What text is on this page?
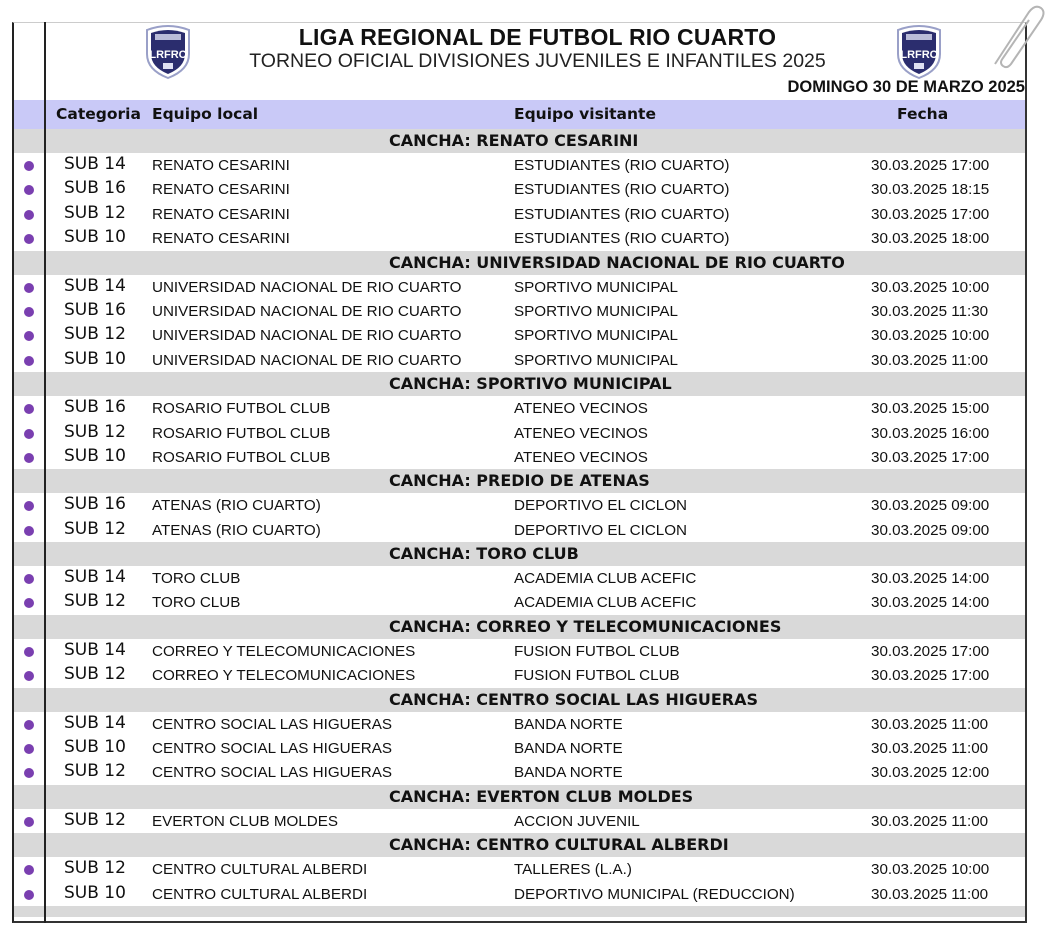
LRFRC
LIGA REGIONAL DE FUTBOL RIO CUARTO
TORNEO OFICIAL DIVISIONES JUVENILES E INFANTILES 2025	LRFRC
DOMINGO 30 DE MARZO 2025
Categoria Equipo local	Equipo visitante	Fecha
CANCHA: RENATO CESARINI
SUB 14 RENATO CESARINI	ESTUDIANTES (RIO CUARTO)	30.03.2025 17:00
SUB 16 RENATO CESARINI	ESTUDIANTES (RIO CUARTO)	30.03.2025 18:15
SUB 12 RENATO CESARINI	ESTUDIANTES (RIO CUARTO)	30.03.2025 17:00
SUB 10 RENATO CESARINI	ESTUDIANTES (RIO CUARTO)	30.03.2025 18:00
CANCHA: UNIVERSIDAD NACIONAL DE RIO CUARTO
SUB 14 UNIVERSIDAD NACIONAL DE RIO CUARTO	SPORTIVO MUNICIPAL	30.03.2025 10:00
SUB 16 UNIVERSIDAD NACIONAL DE RIO CUARTO	SPORTIVO MUNICIPAL	30.03.2025 11:30
SUB 12 UNIVERSIDAD NACIONAL DE RIO CUARTO	SPORTIVO MUNICIPAL	30.03.2025 10:00
SUB 10 UNIVERSIDAD NACIONAL DE RIO CUARTO	SPORTIVO MUNICIPAL	30.03.2025 11:00
CANCHA: SPORTIVO MUNICIPAL
SUB 16 ROSARIO FUTBOL CLUB	ATENEO VECINOS	30.03.2025 15:00
SUB 12 ROSARIO FUTBOL CLUB	ATENEO VECINOS	30.03.2025 16:00
SUB 10 ROSARIO FUTBOL CLUB	ATENEO VECINOS	30.03.2025 17:00
CANCHA: PREDIO DE ATENAS
SUB 16 ATENAS (RIO CUARTO)	DEPORTIVO EL CICLON	30.03.2025 09:00
SUB 12 ATENAS (RIO CUARTO)	DEPORTIVO EL CICLON	30.03.2025 09:00
CANCHA: TORO CLUB
SUB 14 TORO CLUB	ACADEMIA CLUB ACEFIC	30.03.2025 14:00
SUB 12 TORO CLUB	ACADEMIA CLUB ACEFIC	30.03.2025 14:00
CANCHA: CORREO Y TELECOMUNICACIONES
SUB 14 CORREO Y TELECOMUNICACIONES	FUSION FUTBOL CLUB	30.03.2025 17:00
SUB 12 CORREO Y TELECOMUNICACIONES	FUSION FUTBOL CLUB	30.03.2025 17:00
CANCHA: CENTRO SOCIAL LAS HIGUERAS
SUB 14 CENTRO SOCIAL LAS HIGUERAS	BANDA NORTE	30.03.2025 11:00
SUB 10 CENTRO SOCIAL LAS HIGUERAS	BANDA NORTE	30.03.2025 11:00
SUB 12 CENTRO SOCIAL LAS HIGUERAS	BANDA NORTE	30.03.2025 12:00
CANCHA: EVERTON CLUB MOLDES
SUB 12 EVERTON CLUB MOLDES	ACCION JUVENIL	30.03.2025 11:00
CANCHA: CENTRO CULTURAL ALBERDI
SUB 12 CENTRO CULTURAL ALBERDI	TALLERES (L.A.)	30.03.2025 10:00
SUB 10 CENTRO CULTURAL ALBERDI	DEPORTIVO MUNICIPAL (REDUCCION)	30.03.2025 11:00
